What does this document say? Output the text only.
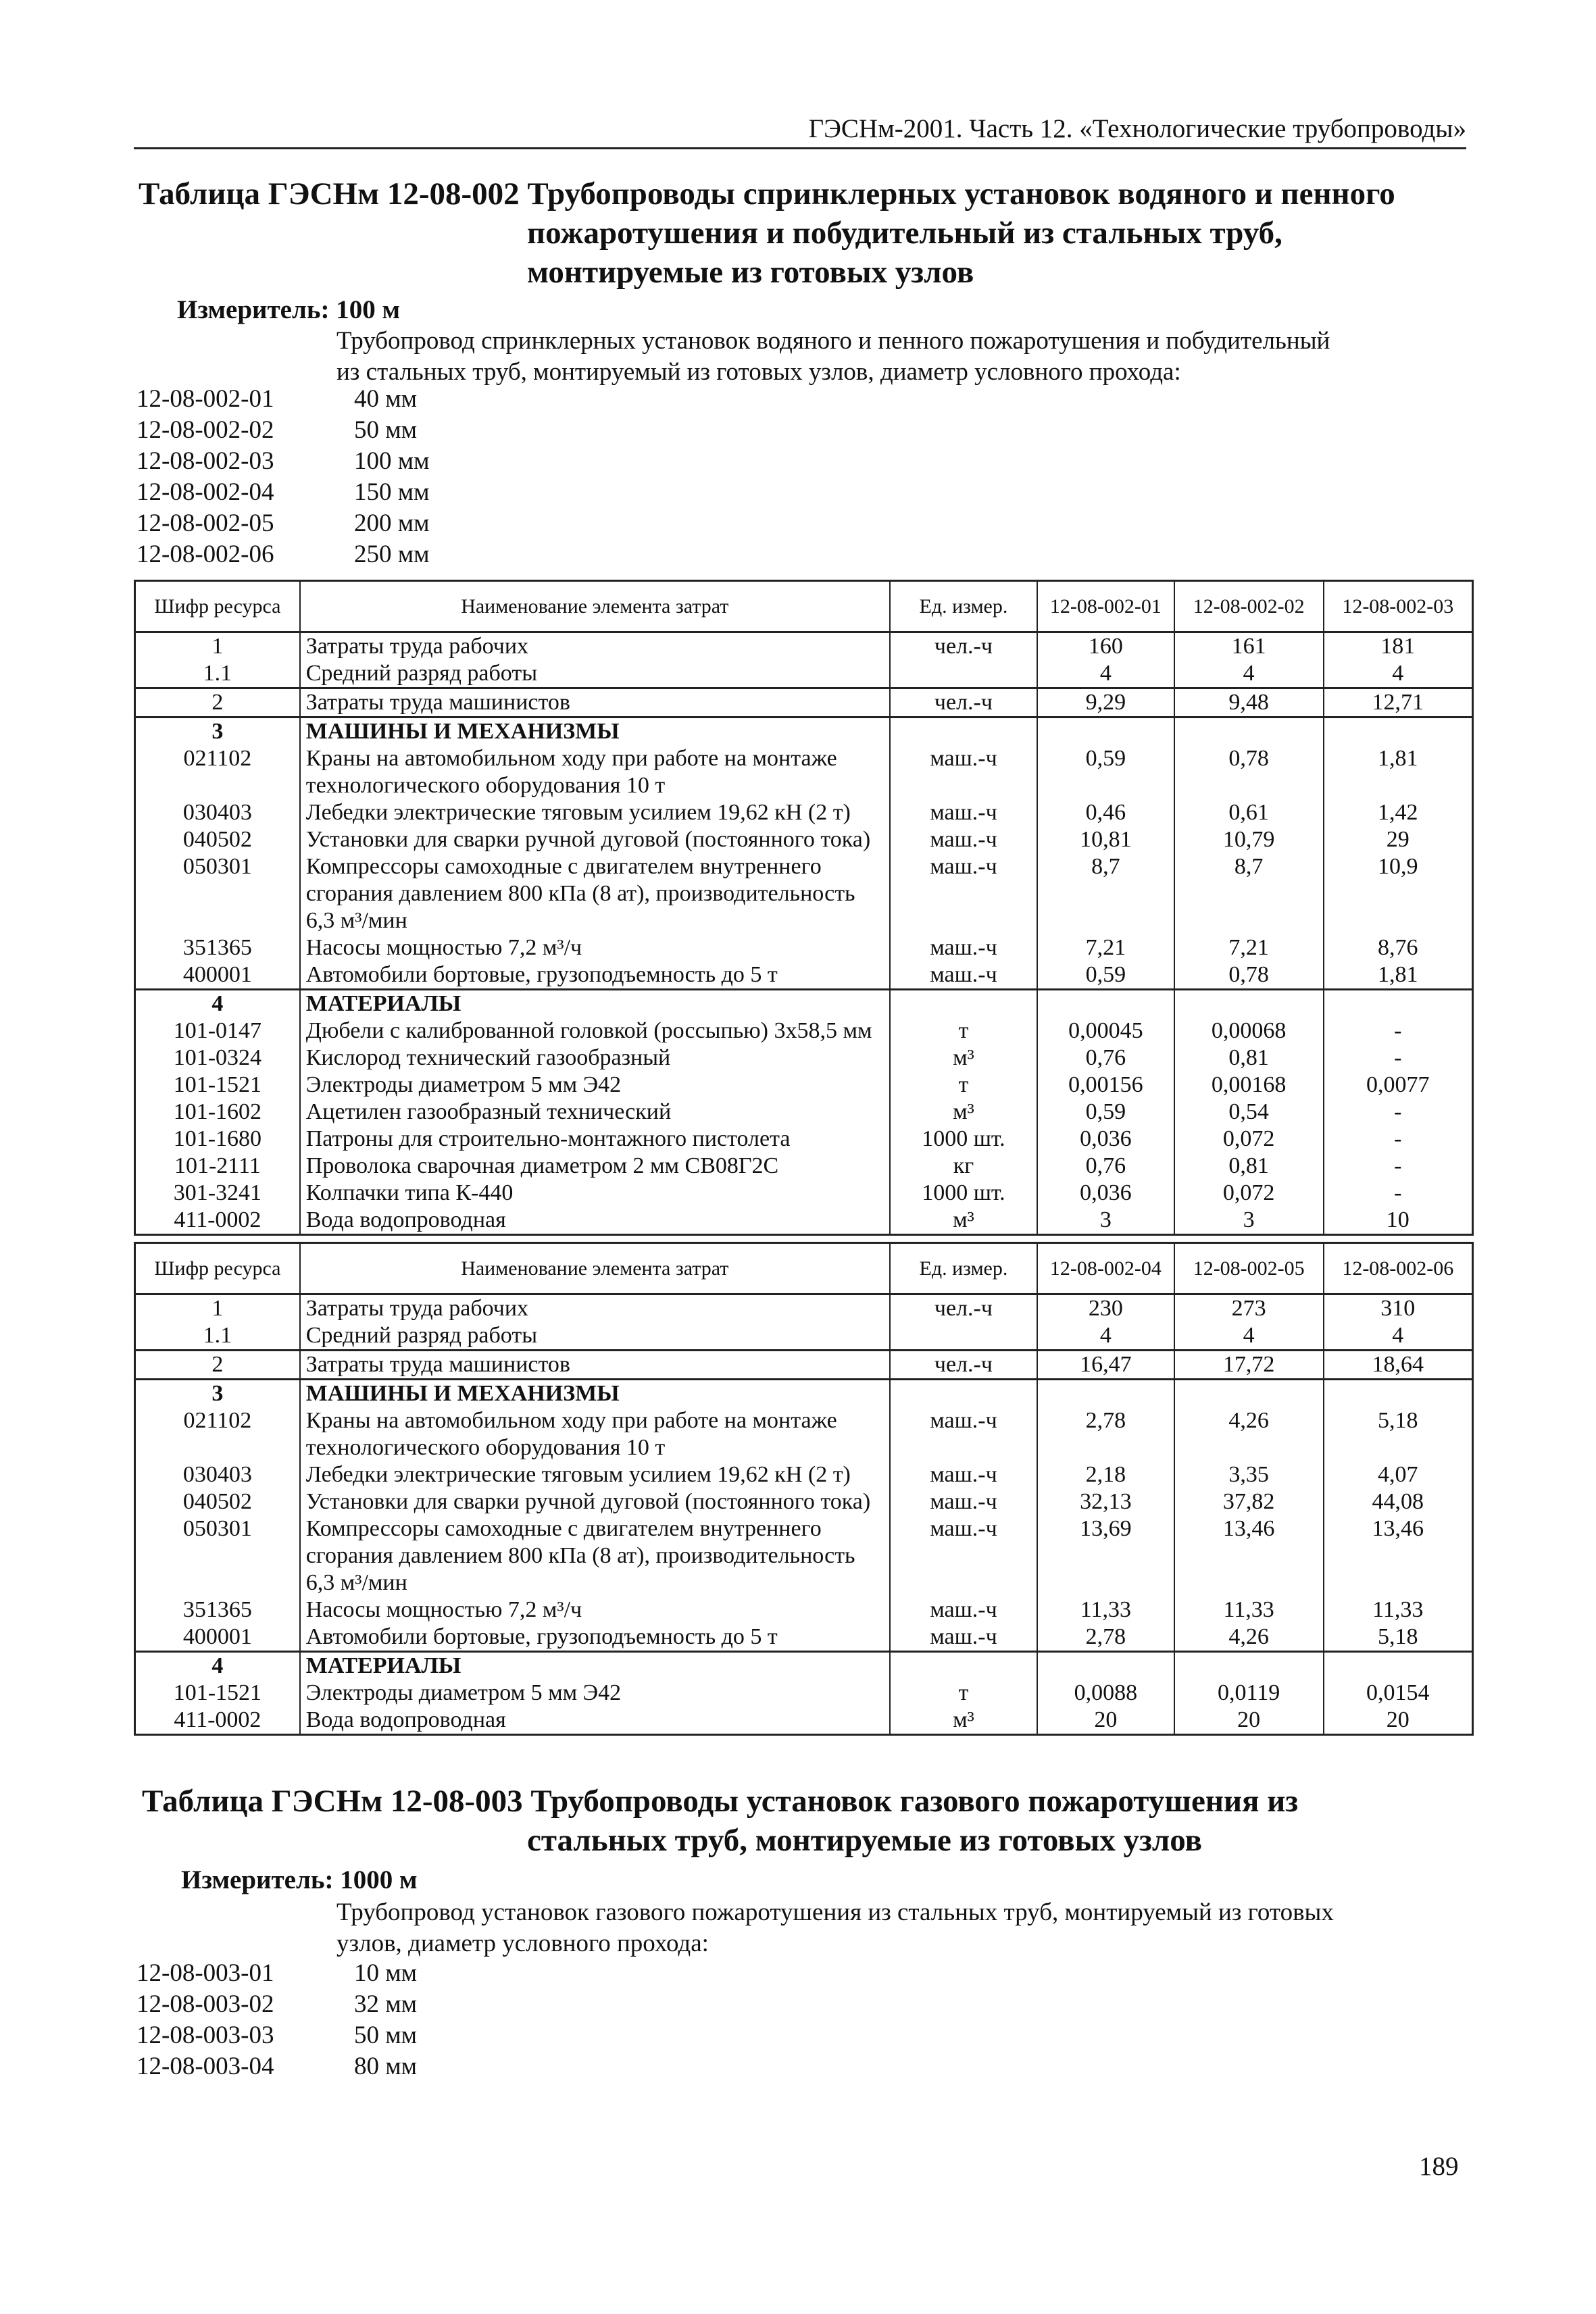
ГЭСНм-2001. Часть 12. «Технологические трубопроводы»
Таблица ГЭСНм 12-08-002 Трубопроводы спринклерных установок водяного и пенного
пожаротушения и побудительный из стальных труб,
монтируемые из готовых узлов
Измеритель: 100 м
Трубопровод спринклерных установок водяного и пенного пожаротушения и побудительный
из стальных труб, монтируемый из готовых узлов, диаметр условного прохода:
12-08-002-01	40 мм
12-08-002-02	50 мм
12-08-002-03	100 мм
12-08-002-04	150 мм
12-08-002-05	200 мм
12-08-002-06	250 мм
Шифр ресурса	Наименование элемента затрат	Ед. измер.	12-08-002-01	12-08-002-02	12-08-002-03
1	Затраты труда рабочих	чел.-ч	160	161	181
1.1	Средний разряд работы		4	4	4
2	Затраты труда машинистов	чел.-ч	9,29	9,48	12,71
3	МАШИНЫ И МЕХАНИЗМЫ				
021102	Краны на автомобильном ходу при работе на монтаже технологического оборудования 10 т	маш.-ч	0,59	0,78	1,81
030403	Лебедки электрические тяговым усилием 19,62 кН (2 т)	маш.-ч	0,46	0,61	1,42
040502	Установки для сварки ручной дуговой (постоянного тока)	маш.-ч	10,81	10,79	29
050301	Компрессоры самоходные с двигателем внутреннего сгорания давлением 800 кПа (8 ат), производительность 6,3 м³/мин	маш.-ч	8,7	8,7	10,9
351365	Насосы мощностью 7,2 м³/ч	маш.-ч	7,21	7,21	8,76
400001	Автомобили бортовые, грузоподъемность до 5 т	маш.-ч	0,59	0,78	1,81
4	МАТЕРИАЛЫ				
101-0147	Дюбели с калиброванной головкой (россыпью) 3х58,5 мм	т	0,00045	0,00068	-
101-0324	Кислород технический газообразный	м³	0,76	0,81	-
101-1521	Электроды диаметром 5 мм Э42	т	0,00156	0,00168	0,0077
101-1602	Ацетилен газообразный технический	м³	0,59	0,54	-
101-1680	Патроны для строительно-монтажного пистолета	1000 шт.	0,036	0,072	-
101-2111	Проволока сварочная диаметром 2 мм СВ08Г2С	кг	0,76	0,81	-
301-3241	Колпачки типа К-440	1000 шт.	0,036	0,072	-
411-0002	Вода водопроводная	м³	3	3	10
Шифр ресурса	Наименование элемента затрат	Ед. измер.	12-08-002-04	12-08-002-05	12-08-002-06
1	Затраты труда рабочих	чел.-ч	230	273	310
1.1	Средний разряд работы		4	4	4
2	Затраты труда машинистов	чел.-ч	16,47	17,72	18,64
3	МАШИНЫ И МЕХАНИЗМЫ				
021102	Краны на автомобильном ходу при работе на монтаже технологического оборудования 10 т	маш.-ч	2,78	4,26	5,18
030403	Лебедки электрические тяговым усилием 19,62 кН (2 т)	маш.-ч	2,18	3,35	4,07
040502	Установки для сварки ручной дуговой (постоянного тока)	маш.-ч	32,13	37,82	44,08
050301	Компрессоры самоходные с двигателем внутреннего сгорания давлением 800 кПа (8 ат), производительность 6,3 м³/мин	маш.-ч	13,69	13,46	13,46
351365	Насосы мощностью 7,2 м³/ч	маш.-ч	11,33	11,33	11,33
400001	Автомобили бортовые, грузоподъемность до 5 т	маш.-ч	2,78	4,26	5,18
4	МАТЕРИАЛЫ				
101-1521	Электроды диаметром 5 мм Э42	т	0,0088	0,0119	0,0154
411-0002	Вода водопроводная	м³	20	20	20
Таблица ГЭСНм 12-08-003 Трубопроводы установок газового пожаротушения из
стальных труб, монтируемые из готовых узлов
Измеритель: 1000 м
Трубопровод установок газового пожаротушения из стальных труб, монтируемый из готовых
узлов, диаметр условного прохода:
12-08-003-01	10 мм
12-08-003-02	32 мм
12-08-003-03	50 мм
12-08-003-04	80 мм
189
